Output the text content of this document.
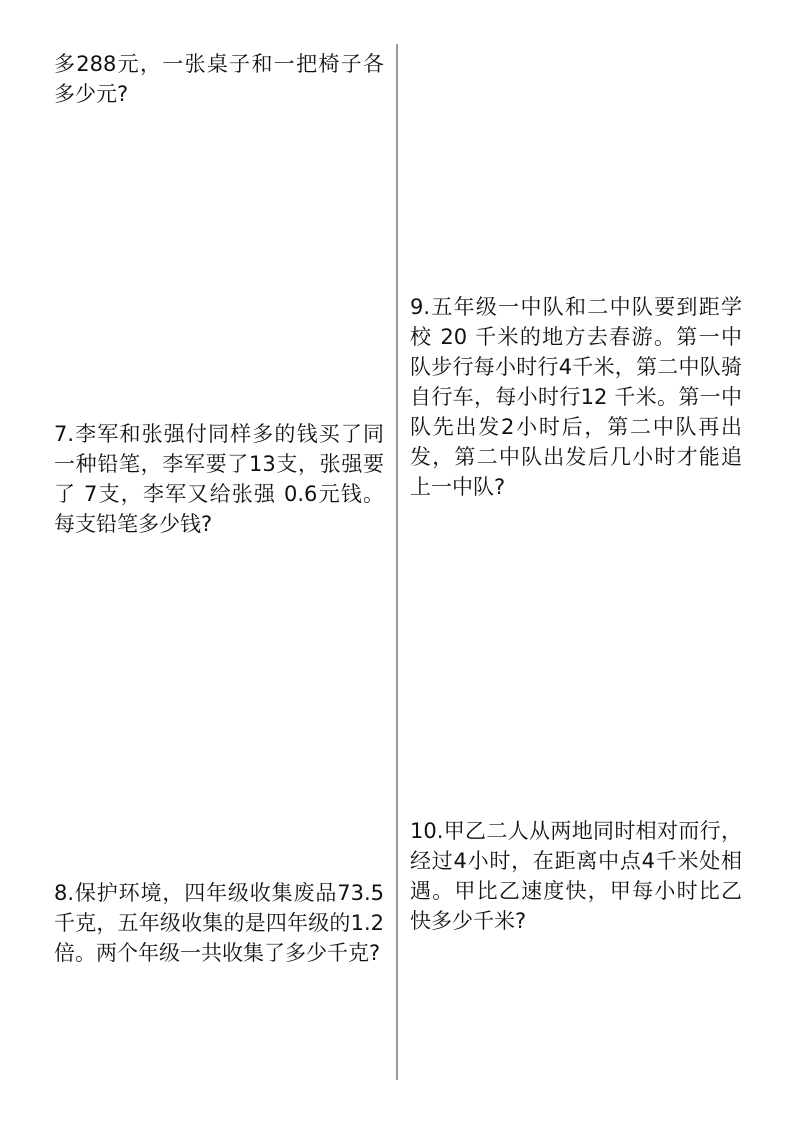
多288元，一张桌子和一把椅子各多少元?

7.李军和张强付同样多的钱买了同一种铅笔，李军要了13支，张强要了 7支，李军又给张强 0.6元钱。每支铅笔多少钱?

8.保护环境，四年级收集废品73.5千克，五年级收集的是四年级的1.2倍。两个年级一共收集了多少千克?

9.五年级一中队和二中队要到距学校 20 千米的地方去春游。第一中队步行每小时行4千米，第二中队骑自行车，每小时行12 千米。第一中队先出发2小时后，第二中队再出发，第二中队出发后几小时才能追上一中队?

10.甲乙二人从两地同时相对而行，经过4小时，在距离中点4千米处相遇。甲比乙速度快，甲每小时比乙快多少千米?
